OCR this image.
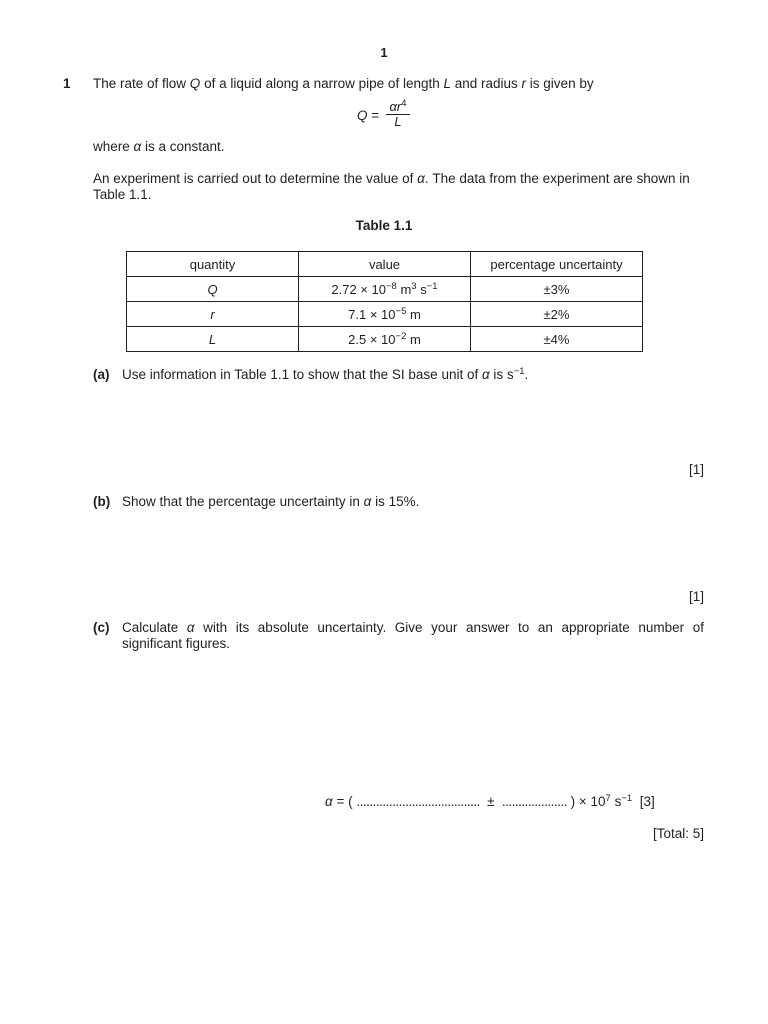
1
1 The rate of flow Q of a liquid along a narrow pipe of length L and radius r is given by
Q =
$\alpha r^4$
L
where α is a constant.
An experiment is carried out to determine the value of α. The data from the experiment are shown in Table 1.1.
Table 1.1
quantity	value	percentage uncertainty
Q	$2.72 \times 10^{-8}$ $m^3$ $s^{-1}$	±3%
r	$7.1 \times 10^{-5}$ m	±2%
L	$2.5 \times 10^{-2}$ m	±4%
(a) Use information in Table 1.1 to show that the SI base unit of α is $s^{-1}$.
[1]
(b) Show that the percentage uncertainty in α is 15%.
[1]
(c) Calculate α with its absolute uncertainty. Give your answer to an appropriate number of significant figures.
α = ( ...................................... ± .................... ) × $10^7$ $s^{-1}$ [3]
[Total: 5]
